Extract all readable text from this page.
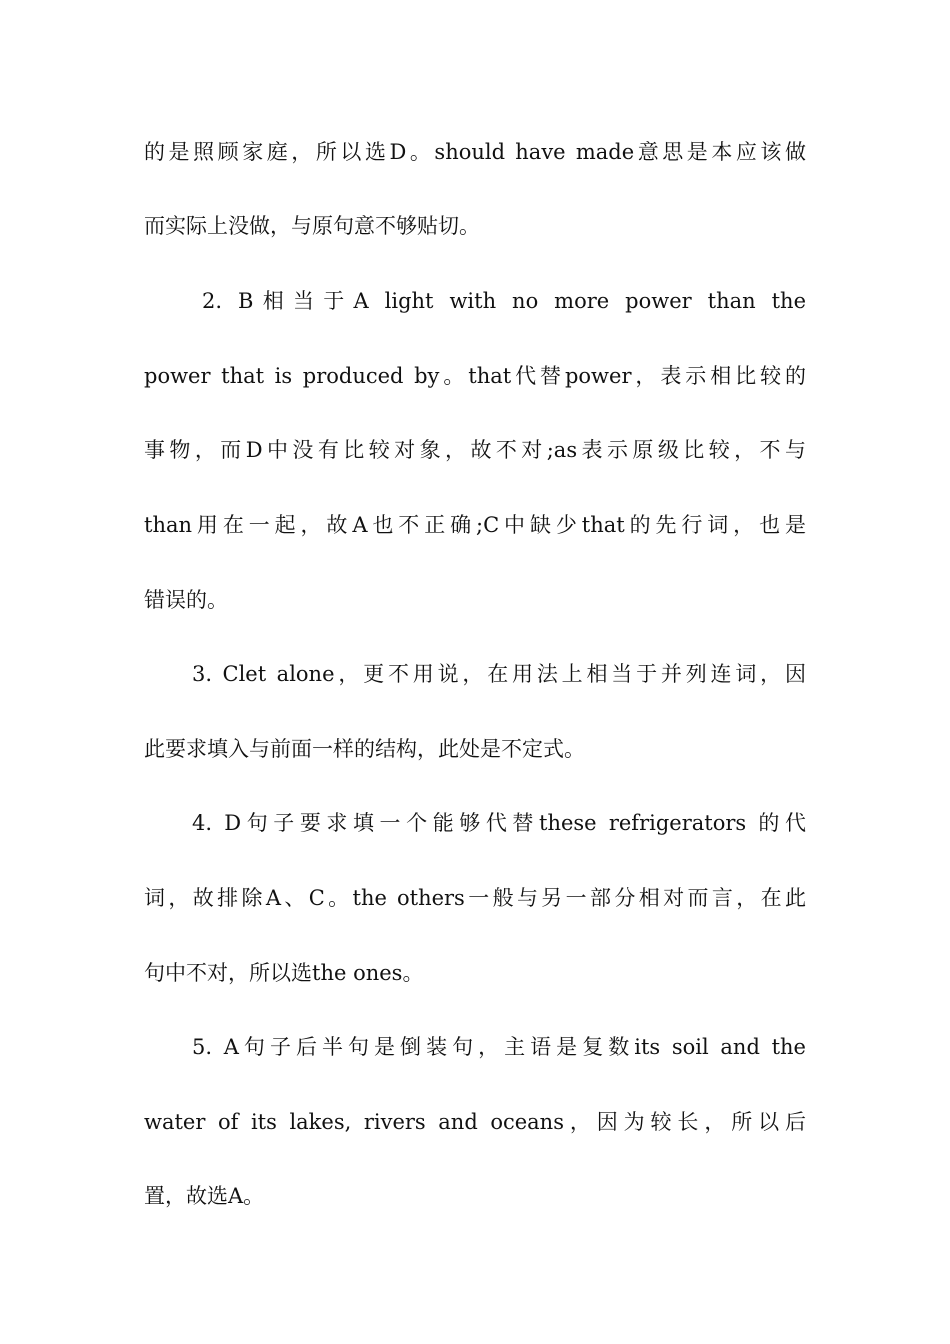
的是照顾家庭，所以选D。should have made意思是本应该做
而实际上没做，与原句意不够贴切。
2. B相当于A light with no more power than the
power that is produced by。that代替power，表示相比较的
事物，而D中没有比较对象，故不对;as表示原级比较，不与
than用在一起，故A也不正确;C中缺少that的先行词，也是
错误的。
3. Clet alone，更不用说，在用法上相当于并列连词，因
此要求填入与前面一样的结构，此处是不定式。
4. D句子要求填一个能够代替these refrigerators 的代
词，故排除A、C。the others一般与另一部分相对而言，在此
句中不对，所以选the ones。
5. A句子后半句是倒装句，主语是复数its soil and the
water of its lakes, rivers and oceans，因为较长，所以后
置，故选A。
